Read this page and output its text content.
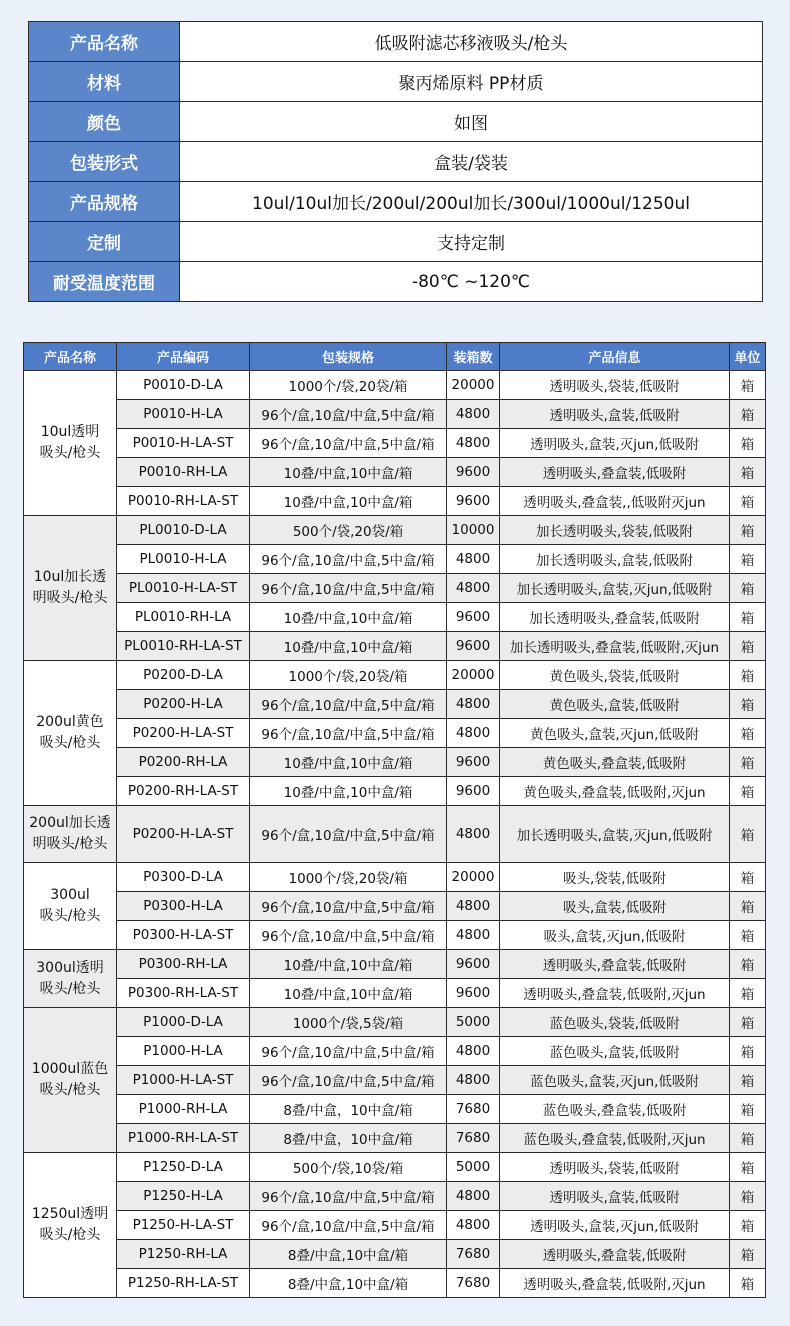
产品名称	低吸附滤芯移液吸头/枪头
材料	聚丙烯原料 PP材质
颜色	如图
包装形式	盒装/袋装
产品规格	10ul/10ul加长/200ul/200ul加长/300ul/1000ul/1250ul
定制	支持定制
耐受温度范围	-80℃ ~120℃
产品名称	产品编码	包装规格	装箱数	产品信息	单位
10ul透明
吸头/枪头	P0010-D-LA	1000个/袋,20袋/箱	20000	透明吸头,袋装,低吸附	箱
	P0010-H-LA	96个/盒,10盒/中盒,5中盒/箱	4800	透明吸头,盒装,低吸附	箱
	P0010-H-LA-ST	96个/盒,10盒/中盒,5中盒/箱	4800	透明吸头,盒装,灭jun,低吸附	箱
	P0010-RH-LA	10叠/中盒,10中盒/箱	9600	透明吸头,叠盒装,低吸附	箱
	P0010-RH-LA-ST	10叠/中盒,10中盒/箱	9600	透明吸头,叠盒装,,低吸附灭jun	箱
10ul加长透
明吸头/枪头	PL0010-D-LA	500个/袋,20袋/箱	10000	加长透明吸头,袋装,低吸附	箱
	PL0010-H-LA	96个/盒,10盒/中盒,5中盒/箱	4800	加长透明吸头,盒装,低吸附	箱
	PL0010-H-LA-ST	96个/盒,10盒/中盒,5中盒/箱	4800	加长透明吸头,盒装,灭jun,低吸附	箱
	PL0010-RH-LA	10叠/中盒,10中盒/箱	9600	加长透明吸头,叠盒装,低吸附	箱
	PL0010-RH-LA-ST	10叠/中盒,10中盒/箱	9600	加长透明吸头,叠盒装,低吸附,灭jun	箱
200ul黄色
吸头/枪头	P0200-D-LA	1000个/袋,20袋/箱	20000	黄色吸头,袋装,低吸附	箱
	P0200-H-LA	96个/盒,10盒/中盒,5中盒/箱	4800	黄色吸头,盒装,低吸附	箱
	P0200-H-LA-ST	96个/盒,10盒/中盒,5中盒/箱	4800	黄色吸头,盒装,灭jun,低吸附	箱
	P0200-RH-LA	10叠/中盒,10中盒/箱	9600	黄色吸头,叠盒装,低吸附	箱
	P0200-RH-LA-ST	10叠/中盒,10中盒/箱	9600	黄色吸头,叠盒装,低吸附,灭jun	箱
200ul加长透
明吸头/枪头	P0200-H-LA-ST	96个/盒,10盒/中盒,5中盒/箱	4800	加长透明吸头,盒装,灭jun,低吸附	箱
300ul
吸头/枪头	P0300-D-LA	1000个/袋,20袋/箱	20000	吸头,袋装,低吸附	箱
	P0300-H-LA	96个/盒,10盒/中盒,5中盒/箱	4800	吸头,盒装,低吸附	箱
	P0300-H-LA-ST	96个/盒,10盒/中盒,5中盒/箱	4800	吸头,盒装,灭jun,低吸附	箱
300ul透明
吸头/枪头	P0300-RH-LA	10叠/中盒,10中盒/箱	9600	透明吸头,叠盒装,低吸附	箱
	P0300-RH-LA-ST	10叠/中盒,10中盒/箱	9600	透明吸头,叠盒装,低吸附,灭jun	箱
1000ul蓝色
吸头/枪头	P1000-D-LA	1000个/袋,5袋/箱	5000	蓝色吸头,袋装,低吸附	箱
	P1000-H-LA	96个/盒,10盒/中盒,5中盒/箱	4800	蓝色吸头,盒装,低吸附	箱
	P1000-H-LA-ST	96个/盒,10盒/中盒,5中盒/箱	4800	蓝色吸头,盒装,灭jun,低吸附	箱
	P1000-RH-LA	8叠/中盒，10中盒/箱	7680	蓝色吸头,叠盒装,低吸附	箱
	P1000-RH-LA-ST	8叠/中盒，10中盒/箱	7680	蓝色吸头,叠盒装,低吸附,灭jun	箱
1250ul透明
吸头/枪头	P1250-D-LA	500个/袋,10袋/箱	5000	透明吸头,袋装,低吸附	箱
	P1250-H-LA	96个/盒,10盒/中盒,5中盒/箱	4800	透明吸头,盒装,低吸附	箱
	P1250-H-LA-ST	96个/盒,10盒/中盒,5中盒/箱	4800	透明吸头,盒装,灭jun,低吸附	箱
	P1250-RH-LA	8叠/中盒,10中盒/箱	7680	透明吸头,叠盒装,低吸附	箱
	P1250-RH-LA-ST	8叠/中盒,10中盒/箱	7680	透明吸头,叠盒装,低吸附,灭jun	箱
